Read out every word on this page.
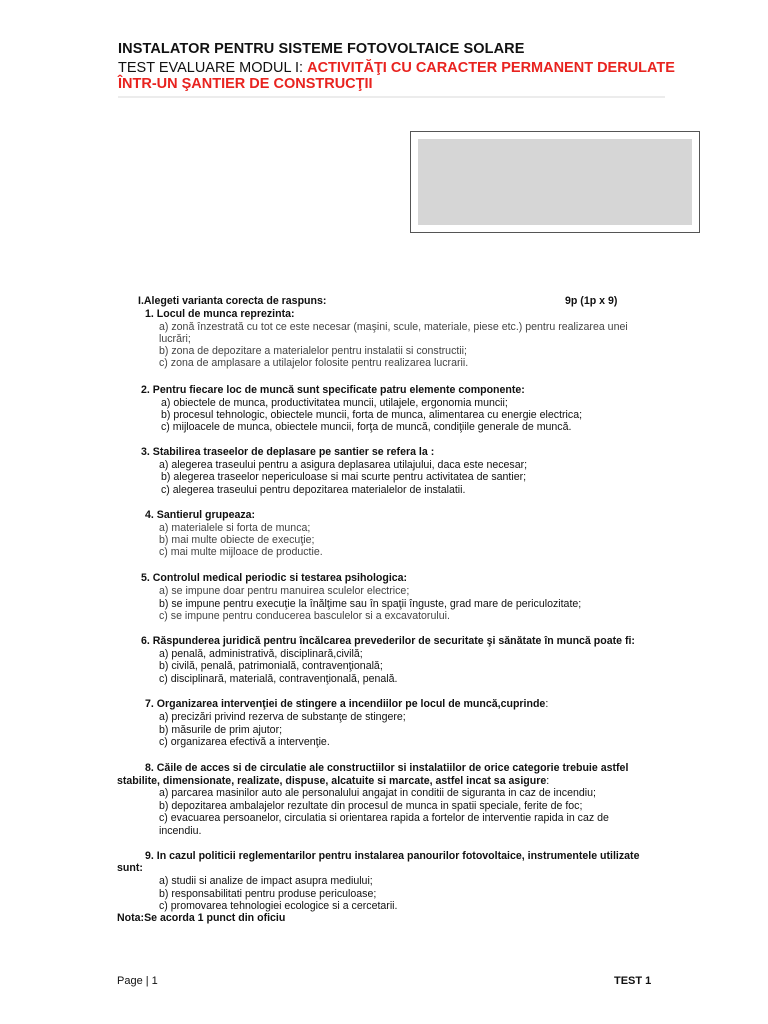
INSTALATOR PENTRU SISTEME FOTOVOLTAICE SOLARE
TEST EVALUARE MODUL I: ACTIVITĂŢI CU CARACTER PERMANENT DERULATE
ÎNTR-UN ŞANTIER DE CONSTRUCŢII
I.Alegeti varianta corecta de raspuns:	9p (1p x 9)
1. Locul de munca reprezinta:
a) zonă înzestrată cu tot ce este necesar (maşini, scule, materiale, piese etc.) pentru realizarea unei
lucrări;
b) zona de depozitare a materialelor pentru instalatii si constructii;
c) zona de amplasare a utilajelor folosite pentru realizarea lucrarii.
2. Pentru fiecare loc de muncă sunt specificate patru elemente componente:
a) obiectele de munca, productivitatea muncii, utilajele, ergonomia muncii;
b) procesul tehnologic, obiectele muncii, forta de munca, alimentarea cu energie electrica;
c) mijloacele de munca, obiectele muncii, forţa de muncă, condiţiile generale de muncă.
3. Stabilirea traseelor de deplasare pe santier se refera la :
a) alegerea traseului pentru a asigura deplasarea utilajului, daca este necesar;
b) alegerea traseelor nepericuloase si mai scurte pentru activitatea de santier;
c) alegerea traseului pentru depozitarea materialelor de instalatii.
4. Santierul grupeaza:
a) materialele si forta de munca;
b) mai multe obiecte de execuţie;
c) mai multe mijloace de productie.
5. Controlul medical periodic si testarea psihologica:
a) se impune doar pentru manuirea sculelor electrice;
b) se impune pentru execuţie la înălţime sau în spaţii înguste, grad mare de periculozitate;
c) se impune pentru conducerea basculelor si a excavatorului.
6. Răspunderea juridică pentru încălcarea prevederilor de securitate şi sănătate în muncă poate fi:
a) penală, administrativă, disciplinară,civilă;
b) civilă, penală, patrimonială, contravenţională;
c) disciplinară, materială, contravenţională, penală.
7. Organizarea intervenţiei de stingere a incendiilor pe locul de muncă,cuprinde:
a) precizări privind rezerva de substanţe de stingere;
b) măsurile de prim ajutor;
c) organizarea efectivă a intervenţie.
8. Căile de acces si de circulatie ale constructiilor si instalatiilor de orice categorie trebuie astfel
stabilite, dimensionate, realizate, dispuse, alcatuite si marcate, astfel incat sa asigure:
a) parcarea masinilor auto ale personalului angajat in conditii de siguranta in caz de incendiu;
b) depozitarea ambalajelor rezultate din procesul de munca in spatii speciale, ferite de foc;
c) evacuarea persoanelor, circulatia si orientarea rapida a fortelor de interventie rapida in caz de
incendiu.
9. In cazul politicii reglementarilor pentru instalarea panourilor fotovoltaice, instrumentele utilizate
sunt:
a) studii si analize de impact asupra mediului;
b) responsabilitati pentru produse periculoase;
c) promovarea tehnologiei ecologice si a cercetarii.
Nota:Se acorda 1 punct din oficiu
Page | 1	TEST 1
